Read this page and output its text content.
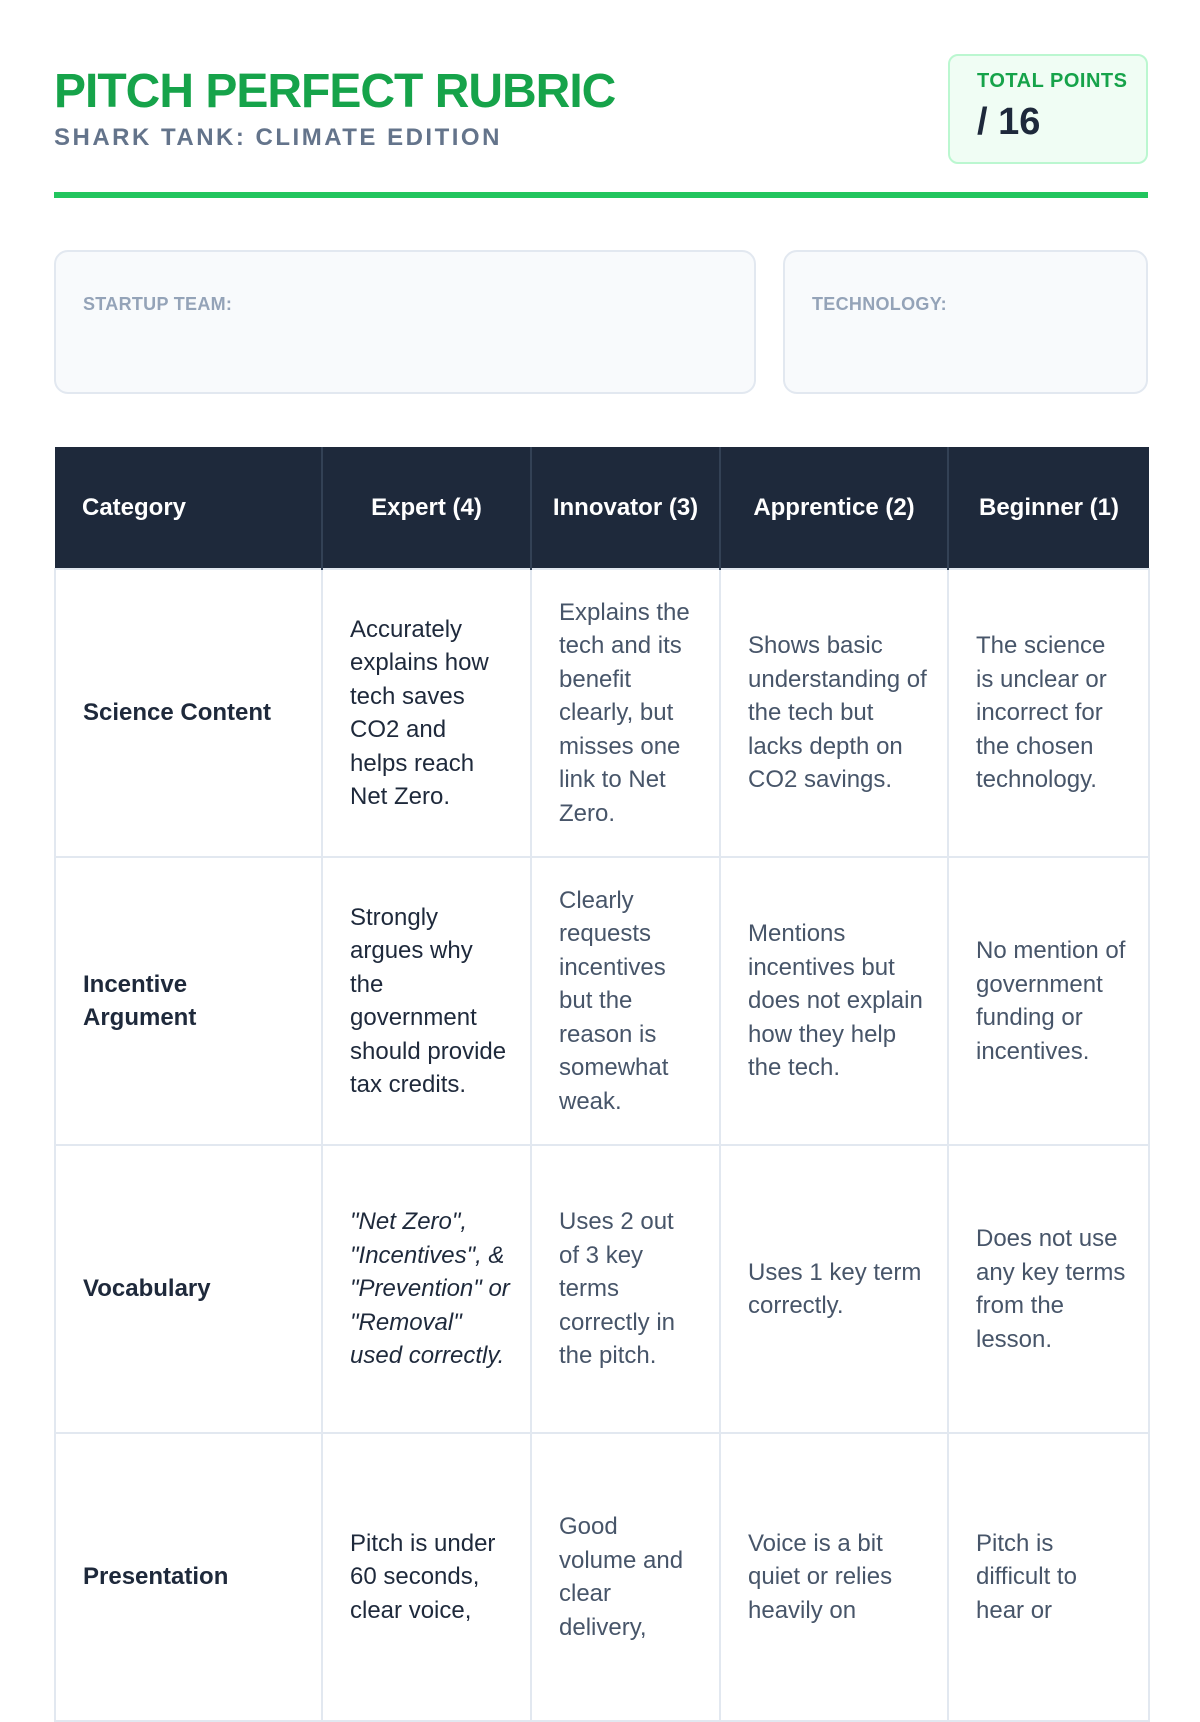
PITCH PERFECT RUBRIC
SHARK TANK: CLIMATE EDITION
TOTAL POINTS
/ 16
STARTUP TEAM:	TECHNOLOGY:
Category	Expert (4)	Innovator (3)	Apprentice (2)	Beginner (1)
Science Content	Accurately explains how tech saves CO2 and helps reach Net Zero.	Explains the tech and its benefit clearly, but misses one link to Net Zero.	Shows basic understanding of the tech but lacks depth on CO2 savings.	The science is unclear or incorrect for the chosen technology.
Incentive Argument	Strongly argues why the government should provide tax credits.	Clearly requests incentives but the reason is somewhat weak.	Mentions incentives but does not explain how they help the tech.	No mention of government funding or incentives.
Vocabulary	"Net Zero", "Incentives", & "Prevention" or "Removal" used correctly.	Uses 2 out of 3 key terms correctly in the pitch.	Uses 1 key term correctly.	Does not use any key terms from the lesson.
Presentation	Pitch is under 60 seconds, clear voice,	Good volume and clear delivery,	Voice is a bit quiet or relies heavily on	Pitch is difficult to hear or
